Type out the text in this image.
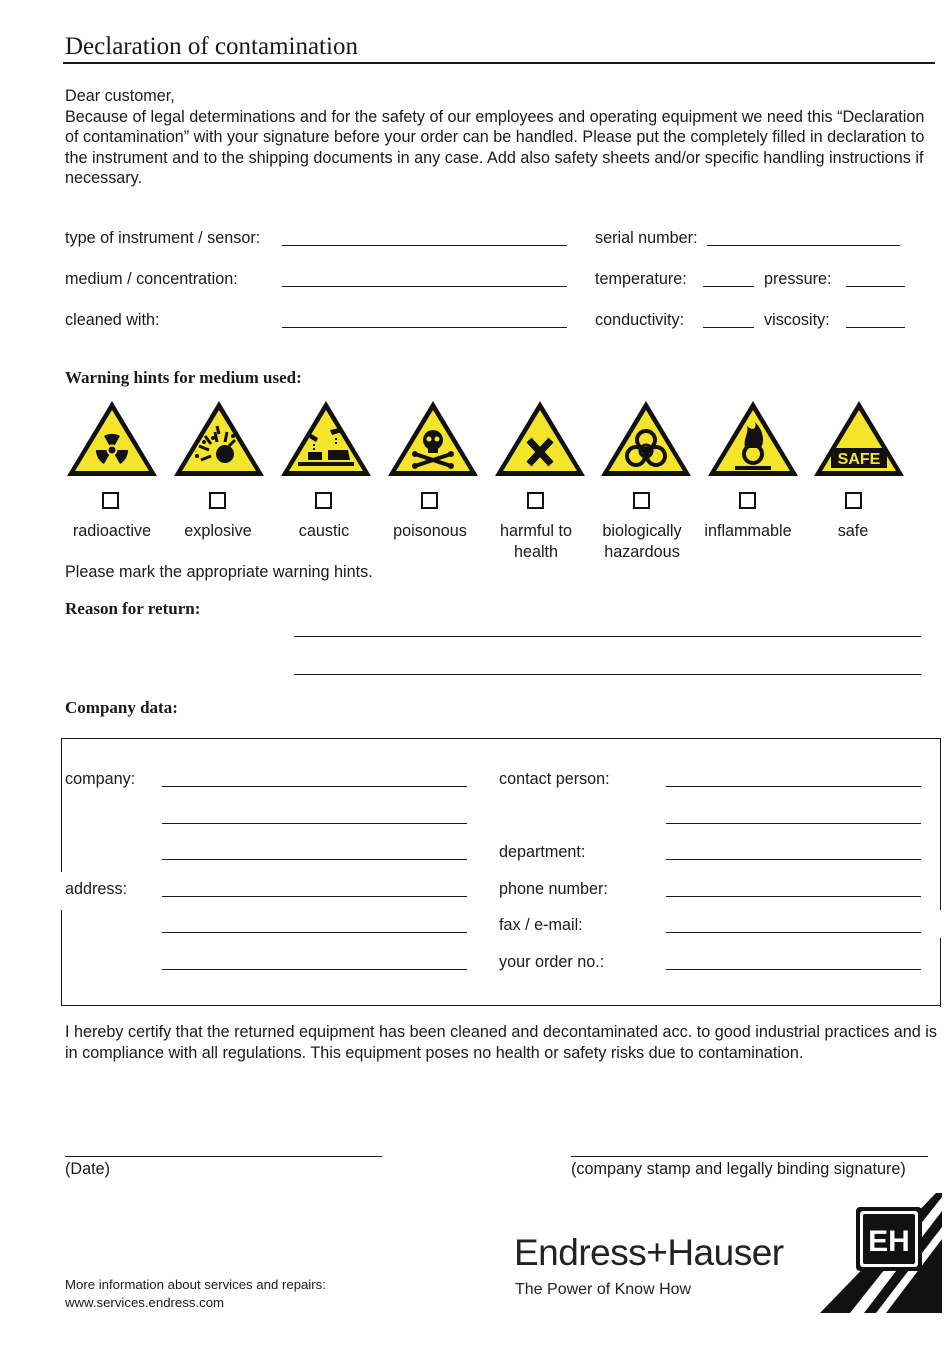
Declaration of contamination
Dear customer,
Because of legal determinations and for the safety of our employees and operating equipment we need this “Declaration of contamination” with your signature before your order can be handled. Please put the completely filled in declaration to the instrument and to the shipping documents in any case. Add also safety sheets and/or specific handling instructions if necessary.
type of instrument / sensor:	serial number:
medium / concentration:	temperature:	pressure:
cleaned with:	conductivity:	viscosity:
Warning hints for medium used:
SAFE
radioactive	explosive	caustic	poisonous	harmful to health
biologically hazardous
inflammable	safe
Please mark the appropriate warning hints.
Reason for return:
Company data:
company:
address:
contact person:
department:
phone number:
fax / e-mail:
your order no.:
I hereby certify that the returned equipment has been cleaned and decontaminated acc. to good industrial practices and is in compliance with all regulations. This equipment poses no health or safety risks due to contamination.
(Date)	(company stamp and legally binding signature)
More information about services and repairs:
www.services.endress.com
Endress+Hauser
The Power of Know How
EH
